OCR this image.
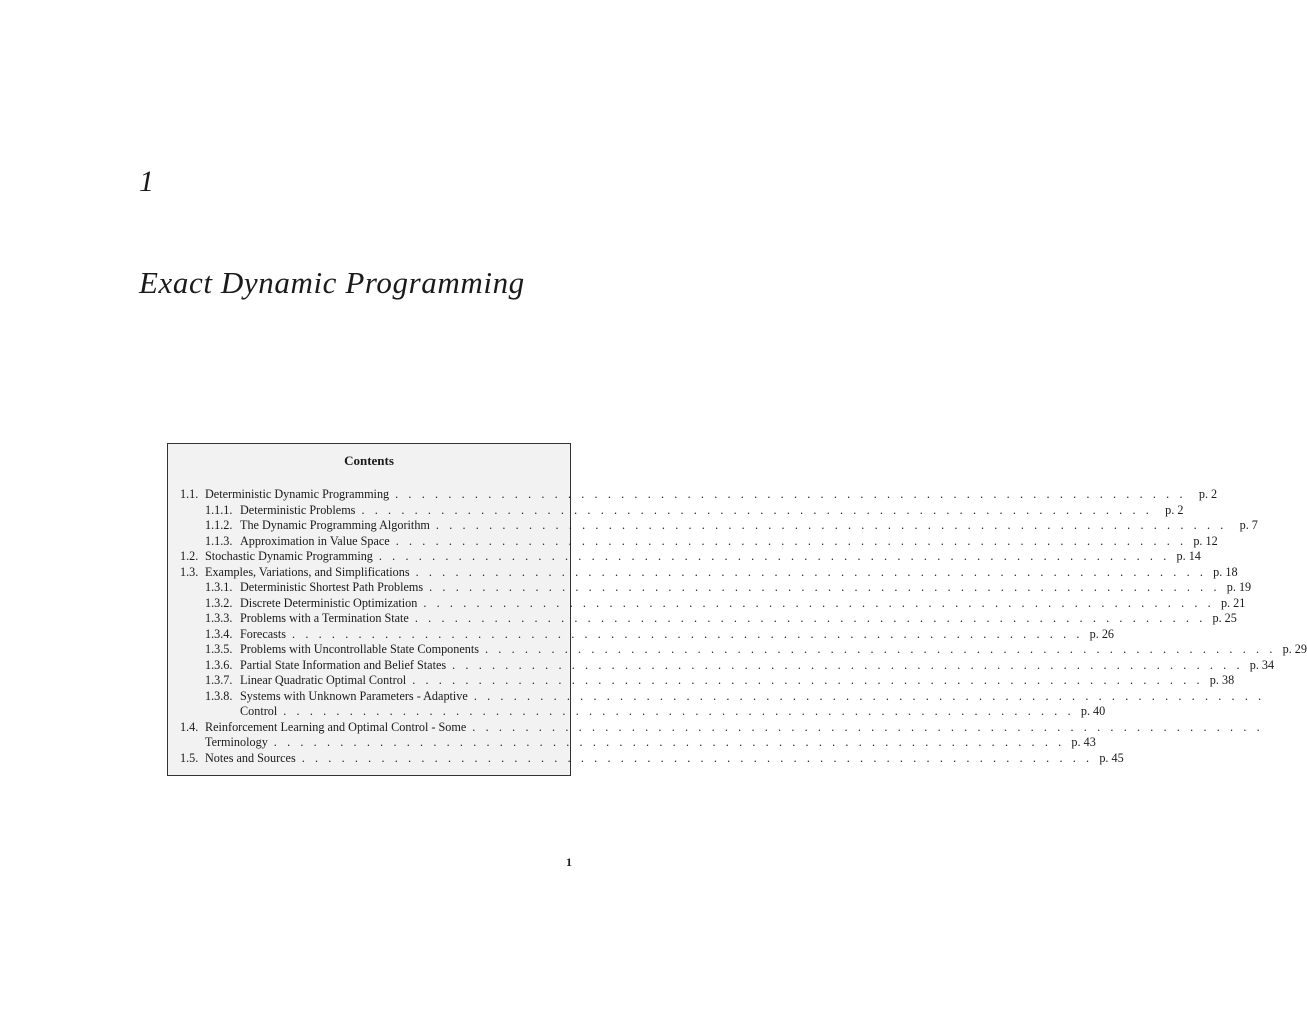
1
Exact Dynamic Programming
Contents
1.1. Deterministic Dynamic Programming . . . . . . . . . . . . . . . . . . . . . . . . . . . . . . . . . . . . . . . . . . . . . . . . . . . . . . . . . . . .	p. 2
1.1.1. Deterministic Problems . . . . . . . . . . . . . . . . . . . . . . . . . . . . . . . . . . . . . . . . . . . . . . . . . . . . . . . . . . . .	p. 2
1.1.2. The Dynamic Programming Algorithm . . . . . . . . . . . . . . . . . . . . . . . . . . . . . . . . . . . . . . . . . . . . . . . . . . . . . . . . . . . .	p. 7
1.1.3. Approximation in Value Space . . . . . . . . . . . . . . . . . . . . . . . . . . . . . . . . . . . . . . . . . . . . . . . . . . . . . . . . . . . . p. 12
1.2. Stochastic Dynamic Programming . . . . . . . . . . . . . . . . . . . . . . . . . . . . . . . . . . . . . . . . . . . . . . . . . . . . . . . . . . . . p. 14
1.3. Examples, Variations, and Simplifications . . . . . . . . . . . . . . . . . . . . . . . . . . . . . . . . . . . . . . . . . . . . . . . . . . . . . . . . . . . . p. 18
1.3.1. Deterministic Shortest Path Problems . . . . . . . . . . . . . . . . . . . . . . . . . . . . . . . . . . . . . . . . . . . . . . . . . . . . . . . . . . . . p. 19
1.3.2. Discrete Deterministic Optimization . . . . . . . . . . . . . . . . . . . . . . . . . . . . . . . . . . . . . . . . . . . . . . . . . . . . . . . . . . . . p. 21
1.3.3. Problems with a Termination State . . . . . . . . . . . . . . . . . . . . . . . . . . . . . . . . . . . . . . . . . . . . . . . . . . . . . . . . . . . . p. 25
1.3.4. Forecasts . . . . . . . . . . . . . . . . . . . . . . . . . . . . . . . . . . . . . . . . . . . . . . . . . . . . . . . . . . . . p. 26
1.3.5. Problems with Uncontrollable State Components . . . . . . . . . . . . . . . . . . . . . . . . . . . . . . . . . . . . . . . . . . . . . . . . . . . . . . . . . . . . p. 29
1.3.6. Partial State Information and Belief States . . . . . . . . . . . . . . . . . . . . . . . . . . . . . . . . . . . . . . . . . . . . . . . . . . . . . . . . . . . . p. 34
1.3.7. Linear Quadratic Optimal Control . . . . . . . . . . . . . . . . . . . . . . . . . . . . . . . . . . . . . . . . . . . . . . . . . . . . . . . . . . . . p. 38
1.3.8. Systems with Unknown Parameters - Adaptive . . . . . . . . . . . . . . . . . . . . . . . . . . . . . . . . . . . . . . . . . . . . . . . . . . . . . . . . . . . .
Control . . . . . . . . . . . . . . . . . . . . . . . . . . . . . . . . . . . . . . . . . . . . . . . . . . . . . . . . . . . . p. 40
1.4. Reinforcement Learning and Optimal Control - Some . . . . . . . . . . . . . . . . . . . . . . . . . . . . . . . . . . . . . . . . . . . . . . . . . . . . . . . . . . . .
Terminology . . . . . . . . . . . . . . . . . . . . . . . . . . . . . . . . . . . . . . . . . . . . . . . . . . . . . . . . . . . . p. 43
1.5. Notes and Sources . . . . . . . . . . . . . . . . . . . . . . . . . . . . . . . . . . . . . . . . . . . . . . . . . . . . . . . . . . . . p. 45
1
